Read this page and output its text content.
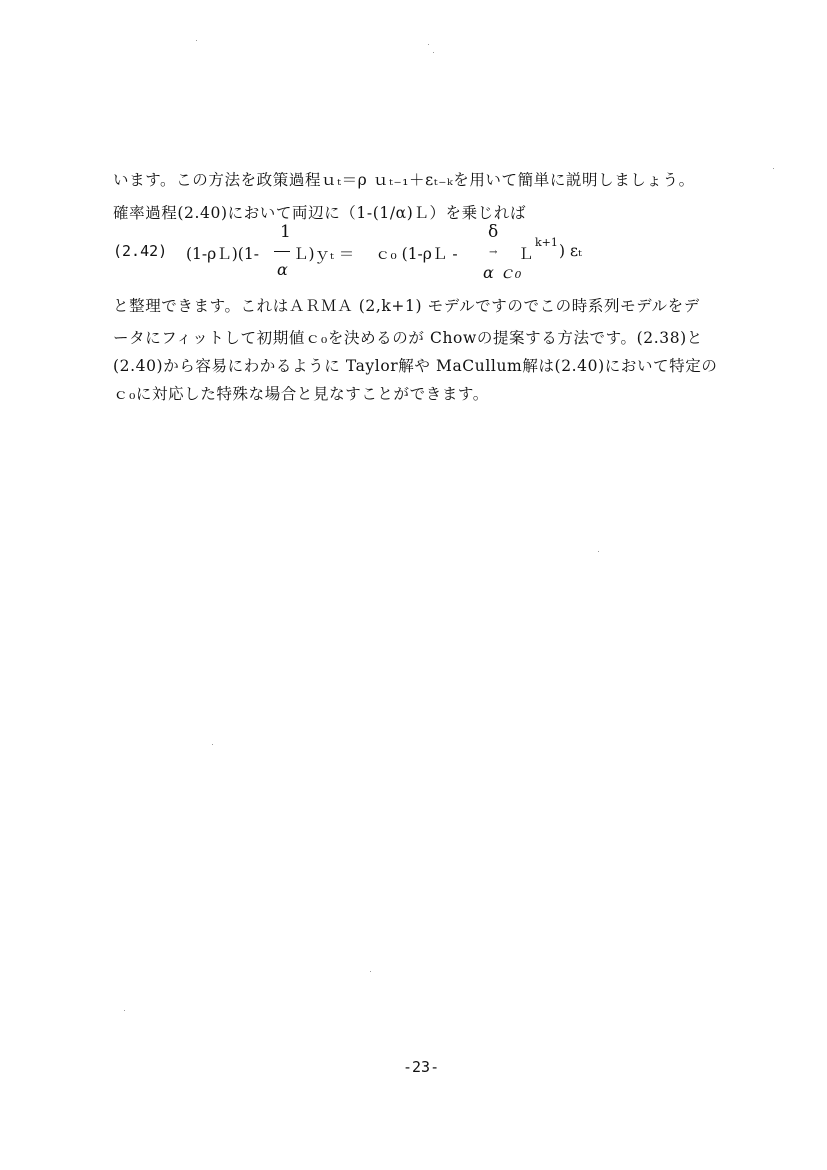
います。この方法を政策過程ｕₜ＝ρ ｕₜ₋₁＋εₜ₋ₖを用いて簡単に説明しましょう。
確率過程(2.40)において両辺に（1-(1/α)Ｌ）を乗じれば
(2.42) (1-ρＬ)(1-
1
α
Ｌ)ｙₜ ＝ ｃ₀ (1-ρＬ -
δ
→
α ｃ₀
Ｌ
k+1 ) εₜ
と整理できます。これはＡＲＭＡ (2,k+1) モデルですのでこの時系列モデルをデ
ータにフィットして初期値ｃ₀を決めるのが Chowの提案する方法です。(2.38)と
(2.40)から容易にわかるように Taylor解や MaCullum解は(2.40)において特定の
ｃ₀に対応した特殊な場合と見なすことができます。
-23-
